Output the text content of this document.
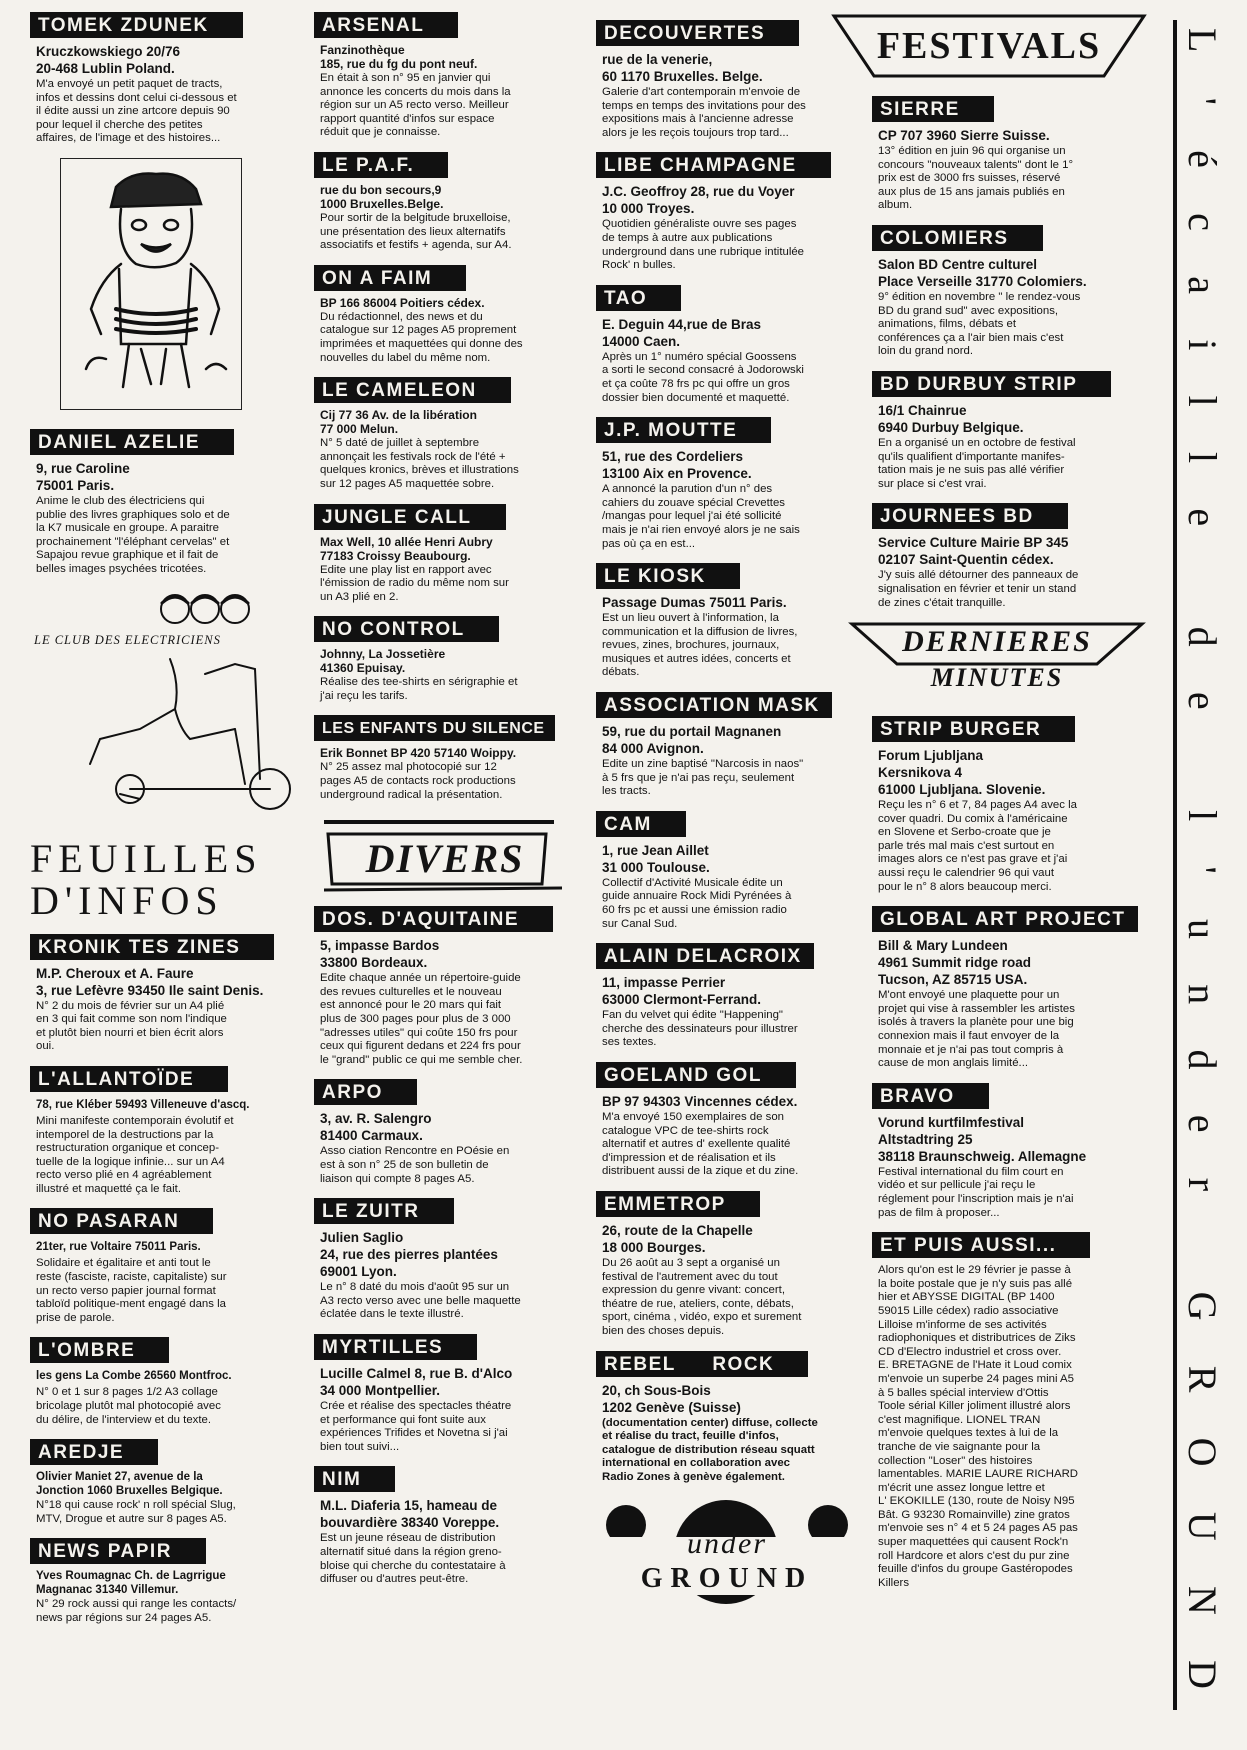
TOMEK ZDUNEK
Kruczkowskiego 20/76
20-468 Lublin Poland.
M'a envoyé un petit paquet de tracts,
infos et dessins dont celui ci-dessous et
il édite aussi un zine artcore depuis 90
pour lequel il cherche des petites
affaires, de l'image et des histoires...
DANIEL AZELIE
9, rue Caroline
75001 Paris.
Anime le club des électriciens qui
publie des livres graphiques solo et de
la K7 musicale en groupe. A paraitre
prochainement "l'éléphant cervelas" et
Sapajou revue graphique et il fait de
belles images psychées tricotées.
LE CLUB DES ELECTRICIENS
FEUILLES
D'INFOS
KRONIK TES ZINES
M.P. Cheroux et A. Faure
3, rue Lefèvre 93450 Ile saint Denis.
N° 2 du mois de février sur un A4 plié
en 3 qui fait comme son nom l'indique
et plutôt bien nourri et bien écrit alors
oui.
L'ALLANTOÏDE
78, rue Kléber 59493 Villeneuve d'ascq.
Mini manifeste contemporain évolutif et
intemporel de la destructions par la
restructuration organique et concep-
tuelle de la logique infinie... sur un A4
recto verso plié en 4 agréablement
illustré et maquetté ça le fait.
NO PASARAN
21ter, rue Voltaire 75011 Paris.
Solidaire et égalitaire et anti tout le
reste (fasciste, raciste, capitaliste) sur
un recto verso papier journal format
tabloïd politique-ment engagé dans la
prise de parole.
L'OMBRE
les gens La Combe 26560 Montfroc.
N° 0 et 1 sur 8 pages 1/2 A3 collage
bricolage plutôt mal photocopié avec
du délire, de l'interview et du texte.
AREDJE
Olivier Maniet 27, avenue de la
Jonction 1060 Bruxelles Belgique.
N°18 qui cause rock' n roll spécial Slug,
MTV, Drogue et autre sur 8 pages A5.
NEWS PAPIR
Yves Roumagnac Ch. de Lagrrigue
Magnanac 31340 Villemur.
N° 29 rock aussi qui range les contacts/
news par régions sur 24 pages A5.
ARSENAL
Fanzinothèque
185, rue du fg du pont neuf.
En était à son n° 95 en janvier qui
annonce les concerts du mois dans la
région sur un A5 recto verso. Meilleur
rapport quantité d'infos sur espace
réduit que je connaisse.
LE P.A.F.
rue du bon secours,9
1000 Bruxelles.Belge.
Pour sortir de la belgitude bruxelloise,
une présentation des lieux alternatifs
associatifs et festifs + agenda, sur A4.
ON A FAIM
BP 166 86004 Poitiers cédex.
Du rédactionnel, des news et du
catalogue sur 12 pages A5 proprement
imprimées et maquettées qui donne des
nouvelles du label du même nom.
LE CAMELEON
Cij 77 36 Av. de la libération
77 000 Melun.
N° 5 daté de juillet à septembre
annonçait les festivals rock de l'été +
quelques kronics, brèves et illustrations
sur 12 pages A5 maquettée sobre.
JUNGLE CALL
Max Well, 10 allée Henri Aubry
77183 Croissy Beaubourg.
Edite une play list en rapport avec
l'émission de radio du même nom sur
un A3 plié en 2.
NO CONTROL
Johnny, La Jossetière
41360 Epuisay.
Réalise des tee-shirts en sérigraphie et
j'ai reçu les tarifs.
LES ENFANTS DU SILENCE
Erik Bonnet BP 420 57140 Woippy.
N° 25 assez mal photocopié sur 12
pages A5 de contacts rock productions
underground radical la présentation.
DIVERS
DOS. D'AQUITAINE
5, impasse Bardos
33800 Bordeaux.
Edite chaque année un répertoire-guide
des revues culturelles et le nouveau
est annoncé pour le 20 mars qui fait
plus de 300 pages pour plus de 3 000
"adresses utiles" qui coûte 150 frs pour
ceux qui figurent dedans et 224 frs pour
le "grand" public ce qui me semble cher.
ARPO
3, av. R. Salengro
81400 Carmaux.
Asso ciation Rencontre en POésie en
est à son n° 25 de son bulletin de
liaison qui compte 8 pages A5.
LE ZUITR
Julien Saglio
24, rue des pierres plantées
69001 Lyon.
Le n° 8 daté du mois d'août 95 sur un
A3 recto verso avec une belle maquette
éclatée dans le texte illustré.
MYRTILLES
Lucille Calmel 8, rue B. d'Alco
34 000 Montpellier.
Crée et réalise des spectacles théatre
et performance qui font suite aux
expériences Trifides et Novetna si j'ai
bien tout suivi...
NIM
M.L. Diaferia 15, hameau de
bouvardière 38340 Voreppe.
Est un jeune réseau de distribution
alternatif situé dans la région greno-
bloise qui cherche du contestataire à
diffuser ou d'autres peut-être.
DECOUVERTES
rue de la venerie,
60 1170 Bruxelles. Belge.
Galerie d'art contemporain m'envoie de
temps en temps des invitations pour des
expositions mais à l'ancienne adresse
alors je les reçois toujours trop tard...
LIBE CHAMPAGNE
J.C. Geoffroy 28, rue du Voyer
10 000 Troyes.
Quotidien généraliste ouvre ses pages
de temps à autre aux publications
underground dans une rubrique intitulée
Rock' n bulles.
TAO
E. Deguin 44,rue de Bras
14000 Caen.
Après un 1° numéro spécial Goossens
a sorti le second consacré à Jodorowski
et ça coûte 78 frs pc qui offre un gros
dossier bien documenté et maquetté.
J.P. MOUTTE
51, rue des Cordeliers
13100 Aix en Provence.
A annoncé la parution d'un n° des
cahiers du zouave spécial Crevettes
/mangas pour lequel j'ai été sollicité
mais je n'ai rien envoyé alors je ne sais
pas où ça en est...
LE KIOSK
Passage Dumas 75011 Paris.
Est un lieu ouvert à l'information, la
communication et la diffusion de livres,
revues, zines, brochures, journaux,
musiques et autres idées, concerts et
débats.
ASSOCIATION MASK
59, rue du portail Magnanen
84 000 Avignon.
Edite un zine baptisé "Narcosis in naos"
à 5 frs que je n'ai pas reçu, seulement
les tracts.
CAM
1, rue Jean Aillet
31 000 Toulouse.
Collectif d'Activité Musicale édite un
guide annuaire Rock Midi Pyrénées à
60 frs pc et aussi une émission radio
sur Canal Sud.
ALAIN DELACROIX
11, impasse Perrier
63000 Clermont-Ferrand.
Fan du velvet qui édite "Happening"
cherche des dessinateurs pour illustrer
ses textes.
GOELAND GOL
BP 97 94303 Vincennes cédex.
M'a envoyé 150 exemplaires de son
catalogue VPC de tee-shirts rock
alternatif et autres d' exellente qualité
d'impression et de réalisation et ils
distribuent aussi de la zique et du zine.
EMMETROP
26, route de la Chapelle
18 000 Bourges.
Du 26 août au 3 sept a organisé un
festival de l'autrement avec du tout
expression du genre vivant: concert,
théatre de rue, ateliers, conte, débats,
sport, cinéma , vidéo, expo et surement
bien des choses depuis.
REBEL ROCK
20, ch Sous-Bois
1202 Genève (Suisse)
(documentation center) diffuse, collecte
et réalise du tract, feuille d'infos,
catalogue de distribution réseau squatt
international en collaboration avec
Radio Zones à genève également.
under
GROUND
FESTIVALS
SIERRE
CP 707 3960 Sierre Suisse.
13° édition en juin 96 qui organise un
concours "nouveaux talents" dont le 1°
prix est de 3000 frs suisses, réservé
aux plus de 15 ans jamais publiés en
album.
COLOMIERS
Salon BD Centre culturel
Place Verseille 31770 Colomiers.
9° édition en novembre " le rendez-vous
BD du grand sud" avec expositions,
animations, films, débats et
conférences ça a l'air bien mais c'est
loin du grand nord.
BD DURBUY STRIP
16/1 Chainrue
6940 Durbuy Belgique.
En a organisé un en octobre de festival
qu'ils qualifient d'importante manifes-
tation mais je ne suis pas allé vérifier
sur place si c'est vrai.
JOURNEES BD
Service Culture Mairie BP 345
02107 Saint-Quentin cédex.
J'y suis allé détourner des panneaux de
signalisation en février et tenir un stand
de zines c'était tranquille.
DERNIERES
MINUTES
STRIP BURGER
Forum Ljubljana
Kersnikova 4
61000 Ljubljana. Slovenie.
Reçu les n° 6 et 7, 84 pages A4 avec la
cover quadri. Du comix à l'américaine
en Slovene et Serbo-croate que je
parle trés mal mais c'est surtout en
images alors ce n'est pas grave et j'ai
aussi reçu le calendrier 96 qui vaut
pour le n° 8 alors beaucoup merci.
GLOBAL ART PROJECT
Bill & Mary Lundeen
4961 Summit ridge road
Tucson, AZ 85715 USA.
M'ont envoyé une plaquette pour un
projet qui vise à rassembler les artistes
isolés à travers la planète pour une big
connexion mais il faut envoyer de la
monnaie et je n'ai pas tout compris à
cause de mon anglais limité...
BRAVO
Vorund kurtfilmfestival
Altstadtring 25
38118 Braunschweig. Allemagne
Festival international du film court en
vidéo et sur pellicule j'ai reçu le
réglement pour l'inscription mais je n'ai
pas de film à proposer...
ET PUIS AUSSI...
Alors qu'on est le 29 février je passe à
la boite postale que je n'y suis pas allé
hier et ABYSSE DIGITAL (BP 1400
59015 Lille cédex) radio associative
Lilloise m'informe de ses activités
radiophoniques et distributrices de Ziks
CD d'Electro industriel et cross over.
E. BRETAGNE de l'Hate it Loud comix
m'envoie un superbe 24 pages mini A5
à 5 balles spécial interview d'Ottis
Toole sérial Killer joliment illustré alors
c'est magnifique. LIONEL TRAN
m'envoie quelques textes à lui de la
tranche de vie saignante pour la
collection "Loser" des histoires
lamentables. MARIE LAURE RICHARD
m'écrit une assez longue lettre et
L' EKOKILLE (130, route de Noisy N95
Bât. G 93230 Romainville) zine gratos
m'envoie ses n° 4 et 5 24 pages A5 pas
super maquettées qui causent Rock'n
roll Hardcore et alors c'est du pur zine
feuille d'infos du groupe Gastéropodes
Killers
L'écaille de l'under GROUND
